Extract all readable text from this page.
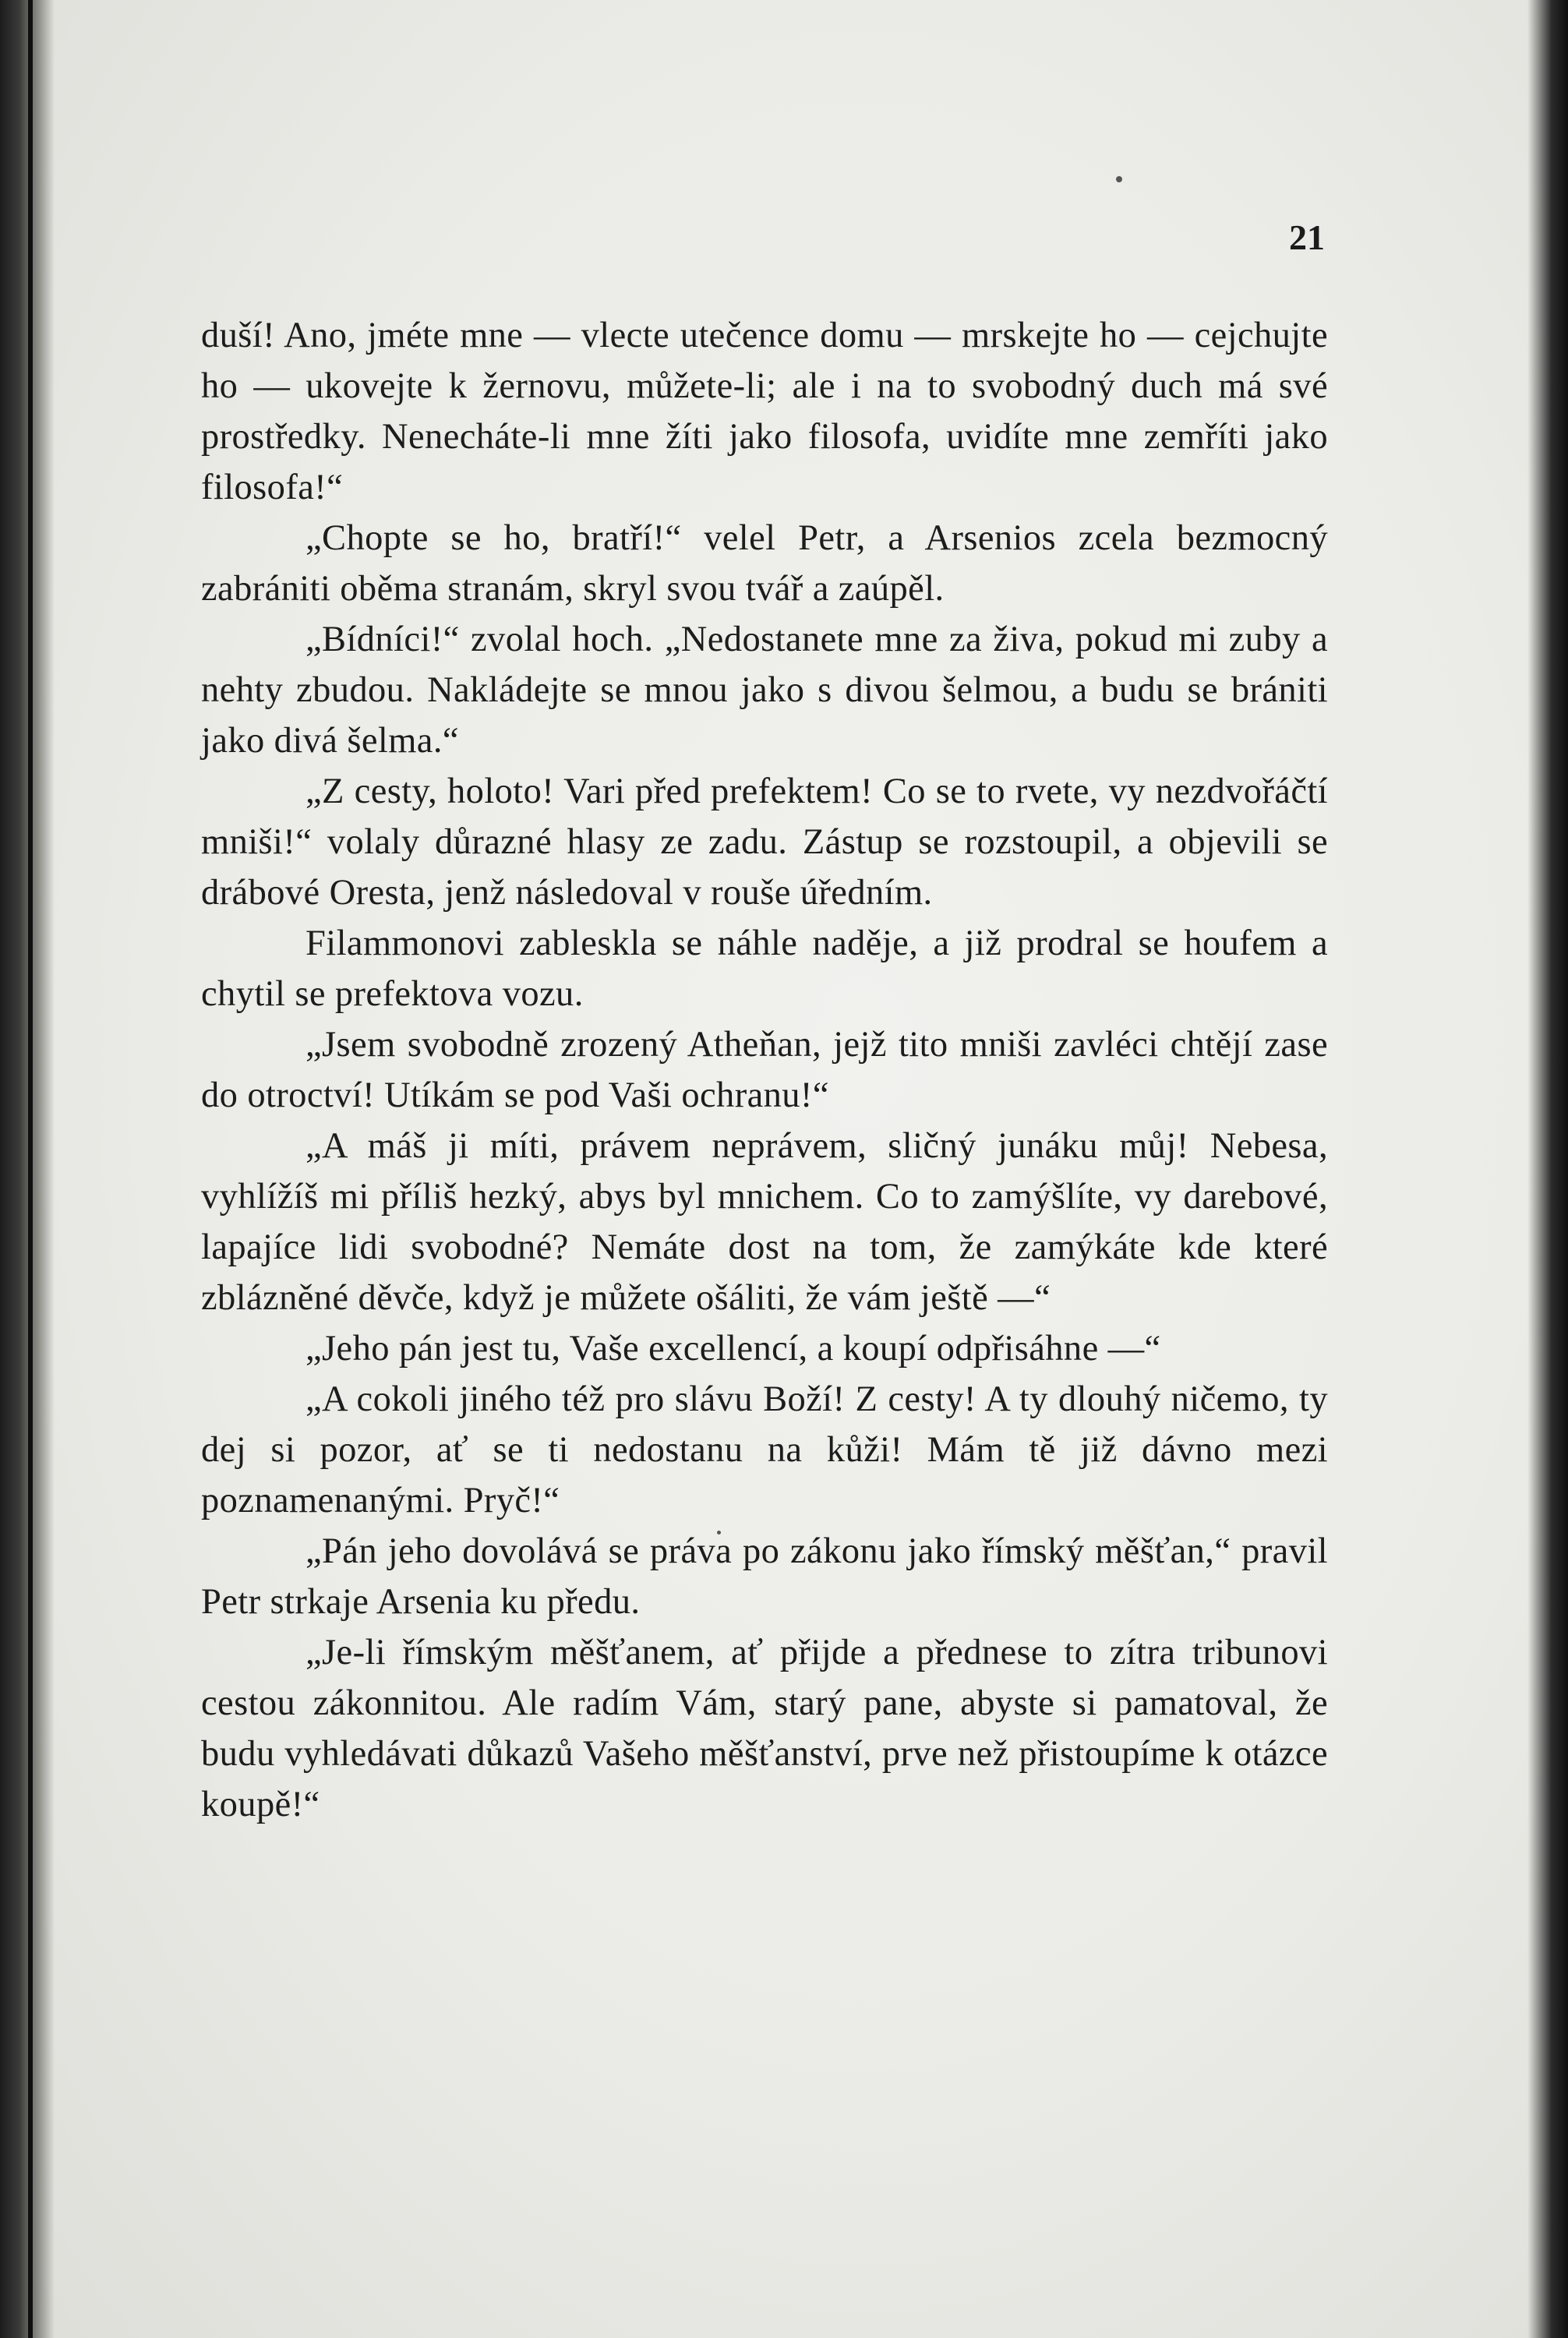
21

duší! Ano, jméte mne — vlecte utečence domu — mrskejte ho — cejchujte ho — ukovejte k žernovu, můžete-li; ale i na to svobodný duch má své prostředky. Nenecháte-li mne žíti jako filosofa, uvidíte mne zemříti jako filosofa!“

„Chopte se ho, bratří!“ velel Petr, a Arsenios zcela bezmocný zabrániti oběma stranám, skryl svou tvář a zaúpěl.

„Bídníci!“ zvolal hoch. „Nedostanete mne za živa, pokud mi zuby a nehty zbudou. Nakládejte se mnou jako s divou šelmou, a budu se brániti jako divá šelma.“

„Z cesty, holoto! Vari před prefektem! Co se to rvete, vy nezdvořáčtí mniši!“ volaly důrazné hlasy ze zadu. Zástup se rozstoupil, a objevili se drábové Oresta, jenž následoval v rouše úředním.

Filammonovi zableskla se náhle naděje, a již prodral se houfem a chytil se prefektova vozu.

„Jsem svobodně zrozený Atheňan, jejž tito mniši zavléci chtějí zase do otroctví! Utíkám se pod Vaši ochranu!“

„A máš ji míti, právem neprávem, sličný junáku můj! Nebesa, vyhlížíš mi příliš hezký, abys byl mnichem. Co to zamýšlíte, vy darebové, lapajíce lidi svobodné? Nemáte dost na tom, že zamýkáte kde které zblázněné děvče, když je můžete ošáliti, že vám ještě —“

„Jeho pán jest tu, Vaše excellencí, a koupí odpřisáhne —“

„A cokoli jiného též pro slávu Boží! Z cesty! A ty dlouhý ničemo, ty dej si pozor, ať se ti nedostanu na kůži! Mám tě již dávno mezi poznamenanými. Pryč!“

„Pán jeho dovolává se práva po zákonu jako římský měšťan,“ pravil Petr strkaje Arsenia ku předu.

„Je-li římským měšťanem, ať přijde a přednese to zítra tribunovi cestou zákonnitou. Ale radím Vám, starý pane, abyste si pamatoval, že budu vyhledávati důkazů Vašeho měšťanství, prve než přistoupíme k otázce koupě!“
